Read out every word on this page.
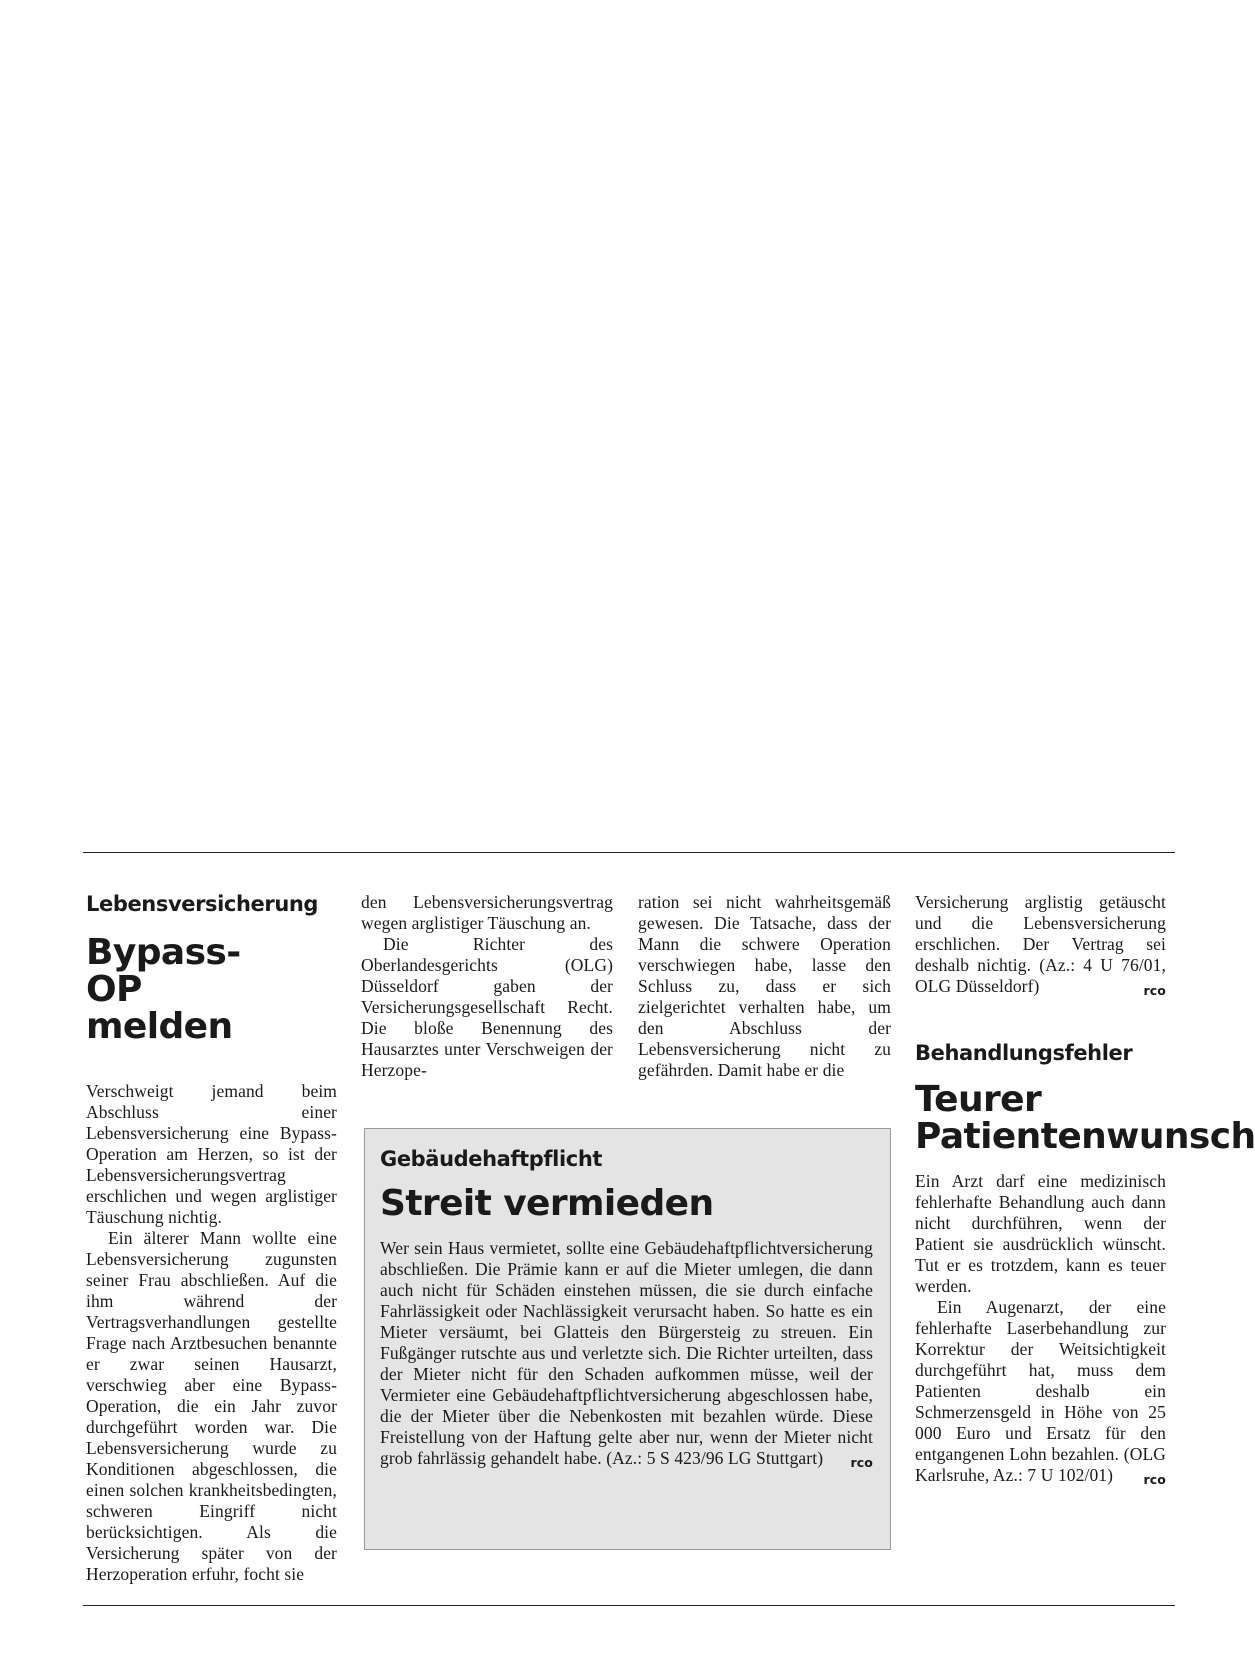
Lebensversicherung
Bypass-OP melden

Verschweigt jemand beim Abschluss einer Lebensversicherung eine Bypass-Operation am Herzen, so ist der Lebensversicherungsvertrag erschlichen und wegen arglistiger Täuschung nichtig.

Ein älterer Mann wollte eine Lebensversicherung zugunsten seiner Frau abschließen. Auf die ihm während der Vertragsverhandlungen gestellte Frage nach Arztbesuchen benannte er zwar seinen Hausarzt, verschwieg aber eine Bypass-Operation, die ein Jahr zuvor durchgeführt worden war. Die Lebensversicherung wurde zu Konditionen abgeschlossen, die einen solchen krankheitsbedingten, schweren Eingriff nicht berücksichtigen. Als die Versicherung später von der Herzoperation erfuhr, focht sie

den Lebensversicherungsvertrag wegen arglistiger Täuschung an.

Die Richter des Oberlandesgerichts (OLG) Düsseldorf gaben der Versicherungsgesellschaft Recht. Die bloße Benennung des Hausarztes unter Verschweigen der Herzope-

ration sei nicht wahrheitsgemäß gewesen. Die Tatsache, dass der Mann die schwere Operation verschwiegen habe, lasse den Schluss zu, dass er sich zielgerichtet verhalten habe, um den Abschluss der Lebensversicherung nicht zu gefährden. Damit habe er die

Versicherung arglistig getäuscht und die Lebensversicherung erschlichen. Der Vertrag sei deshalb nichtig. (Az.: 4 U 76/01, OLG Düsseldorf)	rco

Behandlungsfehler
Teurer Patientenwunsch

Ein Arzt darf eine medizinisch fehlerhafte Behandlung auch dann nicht durchführen, wenn der Patient sie ausdrücklich wünscht. Tut er es trotzdem, kann es teuer werden.

Ein Augenarzt, der eine fehlerhafte Laserbehandlung zur Korrektur der Weitsichtigkeit durchgeführt hat, muss dem Patienten deshalb ein Schmerzensgeld in Höhe von 25 000 Euro und Ersatz für den entgangenen Lohn bezahlen. (OLG Karlsruhe, Az.: 7 U 102/01)	rco

Gebäudehaftpflicht
Streit vermieden

Wer sein Haus vermietet, sollte eine Gebäudehaftpflichtversicherung abschließen. Die Prämie kann er auf die Mieter umlegen, die dann auch nicht für Schäden einstehen müssen, die sie durch einfache Fahrlässigkeit oder Nachlässigkeit verursacht haben. So hatte es ein Mieter versäumt, bei Glatteis den Bürgersteig zu streuen. Ein Fußgänger rutschte aus und verletzte sich. Die Richter urteilten, dass der Mieter nicht für den Schaden aufkommen müsse, weil der Vermieter eine Gebäudehaftpflichtversicherung abgeschlossen habe, die der Mieter über die Nebenkosten mit bezahlen würde. Diese Freistellung von der Haftung gelte aber nur, wenn der Mieter nicht grob fahrlässig gehandelt habe. (Az.: 5 S 423/96 LG Stuttgart) rco
